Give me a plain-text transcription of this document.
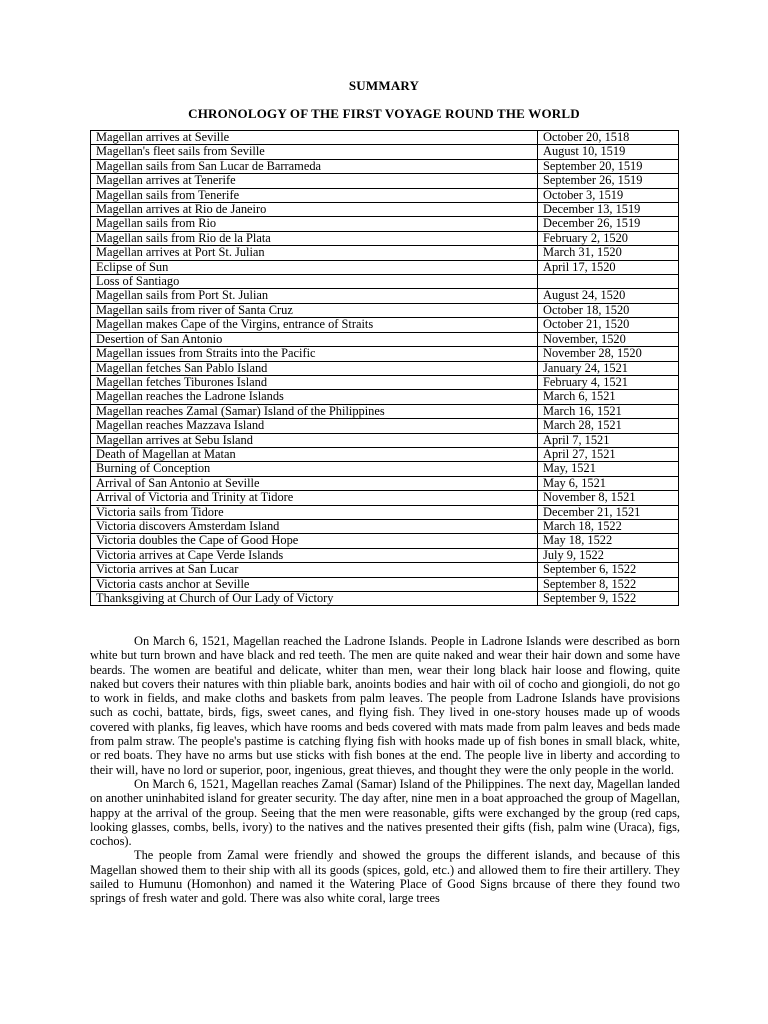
SUMMARY
CHRONOLOGY OF THE FIRST VOYAGE ROUND THE WORLD
Magellan arrives at Seville	October 20, 1518
Magellan's fleet sails from Seville	August 10, 1519
Magellan sails from San Lucar de Barrameda	September 20, 1519
Magellan arrives at Tenerife	September 26, 1519
Magellan sails from Tenerife	October 3, 1519
Magellan arrives at Rio de Janeiro	December 13, 1519
Magellan sails from Rio	December 26, 1519
Magellan sails from Rio de la Plata	February 2, 1520
Magellan arrives at Port St. Julian	March 31, 1520
Eclipse of Sun	April 17, 1520
Loss of Santiago	
Magellan sails from Port St. Julian	August 24, 1520
Magellan sails from river of Santa Cruz	October 18, 1520
Magellan makes Cape of the Virgins, entrance of Straits	October 21, 1520
Desertion of San Antonio	November, 1520
Magellan issues from Straits into the Pacific	November 28, 1520
Magellan fetches San Pablo Island	January 24, 1521
Magellan fetches Tiburones Island	February 4, 1521
Magellan reaches the Ladrone Islands	March 6, 1521
Magellan reaches Zamal (Samar) Island of the Philippines	March 16, 1521
Magellan reaches Mazzava Island	March 28, 1521
Magellan arrives at Sebu Island	April 7, 1521
Death of Magellan at Matan	April 27, 1521
Burning of Conception	May, 1521
Arrival of San Antonio at Seville	May 6, 1521
Arrival of Victoria and Trinity at Tidore	November 8, 1521
Victoria sails from Tidore	December 21, 1521
Victoria discovers Amsterdam Island	March 18, 1522
Victoria doubles the Cape of Good Hope	May 18, 1522
Victoria arrives at Cape Verde Islands	July 9, 1522
Victoria arrives at San Lucar	September 6, 1522
Victoria casts anchor at Seville	September 8, 1522
Thanksgiving at Church of Our Lady of Victory	September 9, 1522

On March 6, 1521, Magellan reached the Ladrone Islands. People in Ladrone Islands were described as born white but turn brown and have black and red teeth. The men are quite naked and wear their hair down and some have beards. The women are beatiful and delicate, whiter than men, wear their long black hair loose and flowing, quite naked but covers their natures with thin pliable bark, anoints bodies and hair with oil of cocho and giongioli, do not go to work in fields, and make cloths and baskets from palm leaves. The people from Ladrone Islands have provisions such as cochi, battate, birds, figs, sweet canes, and flying fish. They lived in one-story houses made up of woods covered with planks, fig leaves, which have rooms and beds covered with mats made from palm leaves and beds made from palm straw. The people's pastime is catching flying fish with hooks made up of fish bones in small black, white, or red boats. They have no arms but use sticks with fish bones at the end. The people live in liberty and according to their will, have no lord or superior, poor, ingenious, great thieves, and thought they were the only people in the world.

On March 6, 1521, Magellan reaches Zamal (Samar) Island of the Philippines. The next day, Magellan landed on another uninhabited island for greater security. The day after, nine men in a boat approached the group of Magellan, happy at the arrival of the group. Seeing that the men were reasonable, gifts were exchanged by the group (red caps, looking glasses, combs, bells, ivory) to the natives and the natives presented their gifts (fish, palm wine (Uraca), figs, cochos).

The people from Zamal were friendly and showed the groups the different islands, and because of this Magellan showed them to their ship with all its goods (spices, gold, etc.) and allowed them to fire their artillery. They sailed to Humunu (Homonhon) and named it the Watering Place of Good Signs brcause of there they found two springs of fresh water and gold. There was also white coral, large trees
